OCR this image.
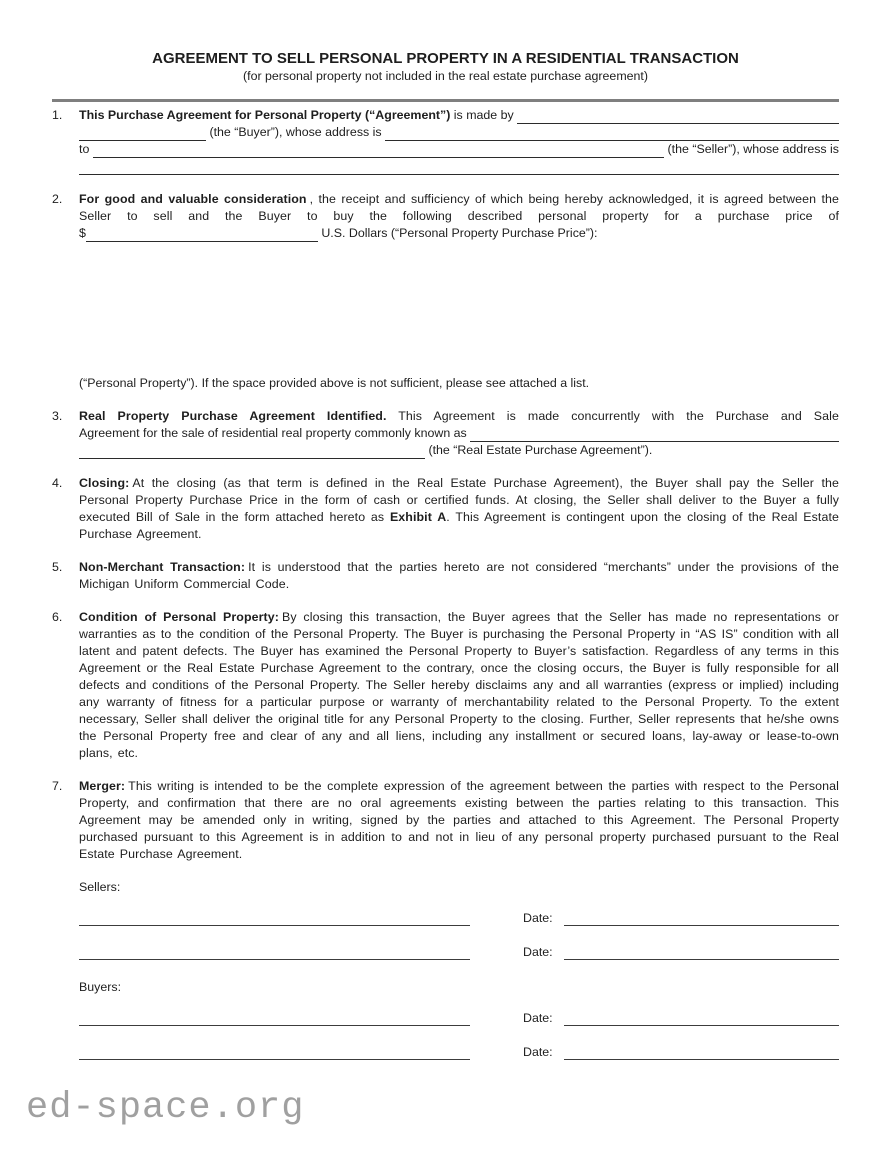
AGREEMENT TO SELL PERSONAL PROPERTY IN A RESIDENTIAL TRANSACTION
(for personal property not included in the real estate purchase agreement)
1.	This Purchase Agreement for Personal Property (“Agreement”) is made by
(the “Buyer”), whose address is
to	(the “Seller”), whose address is
2.	For good and valuable consideration , the receipt and sufficiency of which being hereby acknowledged, it is agreed between the Seller to sell and the Buyer to buy the following described personal property for a purchase price of

$	U.S. Dollars (“Personal Property Purchase Price”):

(“Personal Property”). If the space provided above is not sufficient, please see attached a list.

3.	Real Property Purchase Agreement Identified. This Agreement is made concurrently with the Purchase and Sale

Agreement for the sale of residential real property commonly known as
(the “Real Estate Purchase Agreement”).
4.	Closing: At the closing (as that term is defined in the Real Estate Purchase Agreement), the Buyer shall pay the Seller the Personal Property Purchase Price in the form of cash or certified funds. At closing, the Seller shall deliver to the Buyer a fully executed Bill of Sale in the form attached hereto as Exhibit A. This Agreement is contingent upon the closing of the Real Estate Purchase Agreement.

5.	Non-Merchant Transaction: It is understood that the parties hereto are not considered “merchants” under the provisions of the Michigan Uniform Commercial Code.

6.	Condition of Personal Property: By closing this transaction, the Buyer agrees that the Seller has made no representations or warranties as to the condition of the Personal Property. The Buyer is purchasing the Personal Property in “AS IS” condition with all latent and patent defects. The Buyer has examined the Personal Property to Buyer’s satisfaction. Regardless of any terms in this Agreement or the Real Estate Purchase Agreement to the contrary, once the closing occurs, the Buyer is fully responsible for all defects and conditions of the Personal Property. The Seller hereby disclaims any and all warranties (express or implied) including any warranty of fitness for a particular purpose or warranty of merchantability related to the Personal Property. To the extent necessary, Seller shall deliver the original title for any Personal Property to the closing. Further, Seller represents that he/she owns the Personal Property free and clear of any and all liens, including any installment or secured loans, lay-away or lease-to-own plans, etc.

7.	Merger: This writing is intended to be the complete expression of the agreement between the parties with respect to the Personal Property, and confirmation that there are no oral agreements existing between the parties relating to this transaction. This Agreement may be amended only in writing, signed by the parties and attached to this Agreement. The Personal Property purchased pursuant to this Agreement is in addition to and not in lieu of any personal property purchased pursuant to the Real Estate Purchase Agreement.

Sellers:
Date:
Date:
Buyers:
Date:
Date:
ed-space.org
